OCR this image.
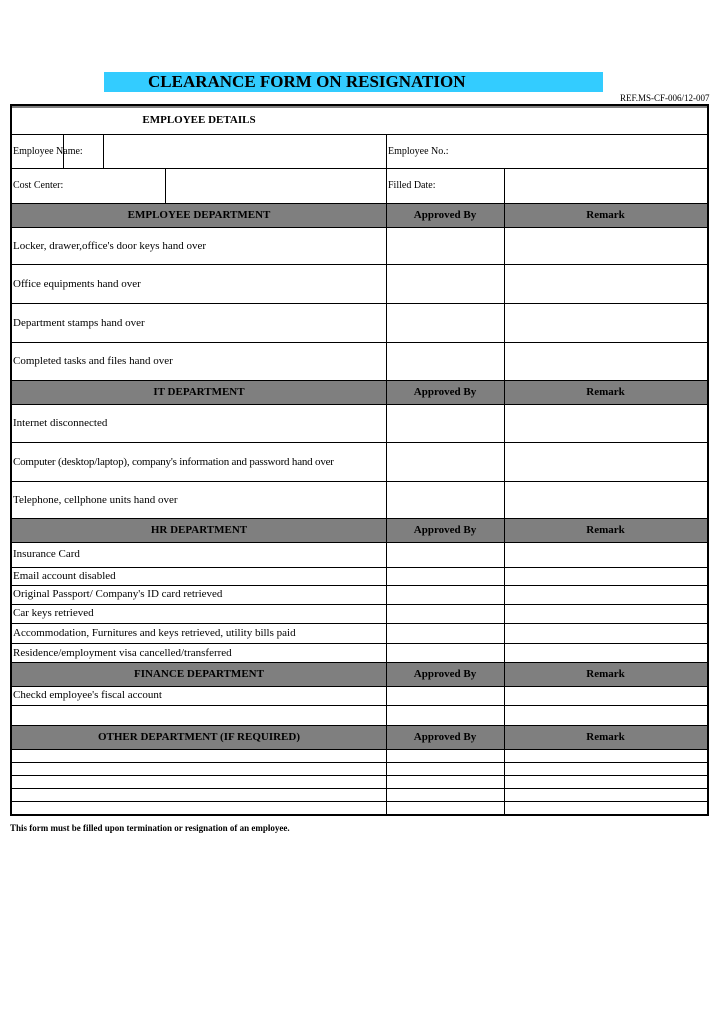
CLEARANCE FORM ON RESIGNATION
REF.MS-CF-006/12-007
EMPLOYEE DETAILS
Employee Name:	Employee No.:
Cost Center:	Filled Date:
EMPLOYEE DEPARTMENT	Approved By	Remark
Locker, drawer,office's door keys hand over
Office equipments hand over
Department stamps hand over
Completed tasks and files hand over
IT DEPARTMENT	Approved By	Remark
Internet disconnected
Computer (desktop/laptop), company's information and password hand over
Telephone, cellphone units hand over
HR DEPARTMENT	Approved By	Remark
Insurance Card
Email account disabled
Original Passport/ Company's ID card retrieved
Car keys retrieved
Accommodation, Furnitures and keys retrieved, utility bills paid
Residence/employment visa cancelled/transferred
FINANCE DEPARTMENT	Approved By	Remark
Checkd employee's fiscal account
OTHER DEPARTMENT (IF REQUIRED)	Approved By	Remark
This form must be filled upon termination or resignation of an employee.
